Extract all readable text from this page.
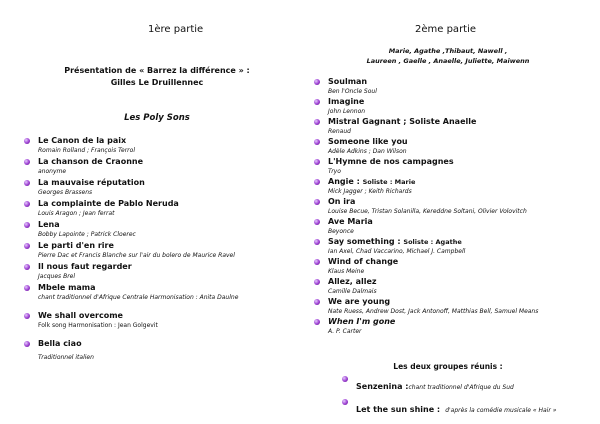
1ère partie	2ème partie
Présentation de « Barrez la différence » :
Gilles Le Druillennec
Les Poly Sons
Marie, Agathe ,Thibaut, Nawell ,
Laureen , Gaelle , Anaelle, Juliette, Maiwenn
Le Canon de la paix
Romain Rolland ; François Terrol
La chanson de Craonne
anonyme
La mauvaise réputation
Georges Brassens
La complainte de Pablo Neruda
Louis Aragon ; Jean ferrat
Lena
Bobby Lapointe ; Patrick Cloerec
Le parti d'en rire
Pierre Dac et Francis Blanche sur l'air du bolero de Maurice Ravel
Il nous faut regarder
Jacques Brel
Mbele mama
chant traditionnel d'Afrique Centrale Harmonisation : Anita Daulne
We shall overcome
Folk song Harmonisation : Jean Golgevit
Bella ciao
Traditionnel italien
Soulman
Ben l'Oncle Soul
Imagine
John Lennon
Mistral Gagnant ; Soliste Anaelle
Renaud
Someone like you
Adèle Adkins ; Dan Wilson
L'Hymne de nos campagnes
Tryo
Angie : Soliste : Marie
Mick Jagger ; Keith Richards
On ira
Louise Becue, Tristan Solanilla, Kereddne Soltani, Olivier Volovitch
Ave Maria
Beyonce
Say something : Soliste : Agathe
Ian Axel, Chad Vaccarino, Michael J. Campbell
Wind of change
Klaus Meine
Allez, allez
Camille Dalmais
We are young
Nate Ruess, Andrew Dost, Jack Antonoff, Matthias Bell, Samuel Means
When I'm gone
A. P. Carter
Les deux groupes réunis :
Senzenina :chant traditionnel d'Afrique du Sud
Let the sun shine : d'après la comédie musicale « Hair »
